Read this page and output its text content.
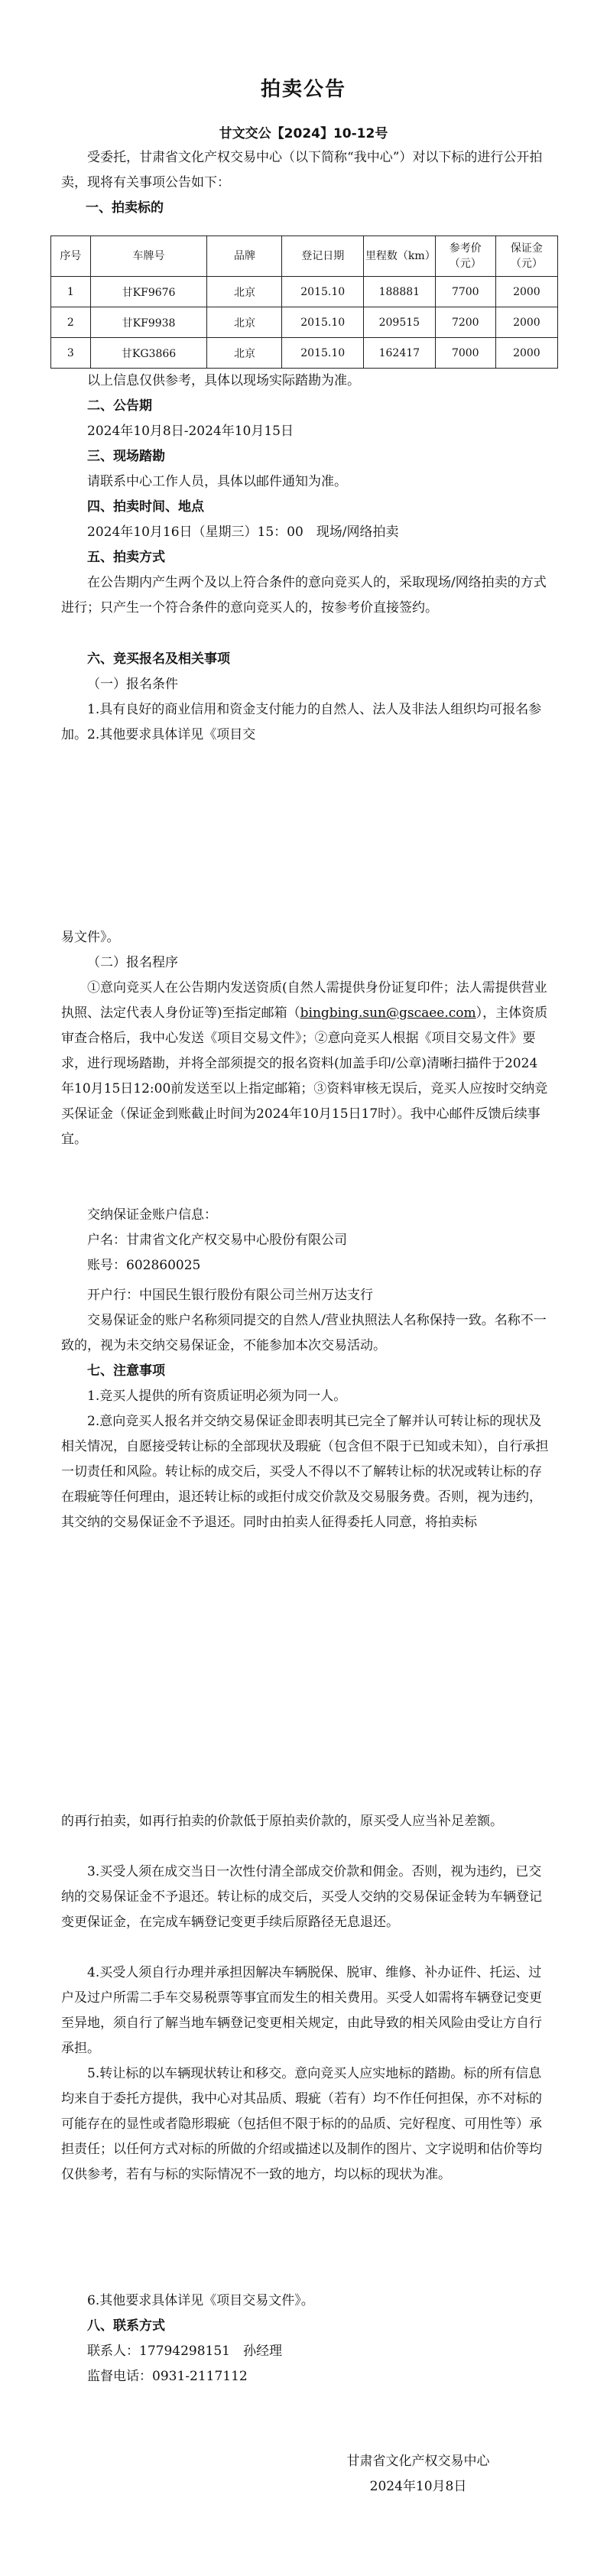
拍卖公告
甘文交公【2024】10-12号
受委托，甘肃省文化产权交易中心（以下简称“我中心”）对以下标的进行公开拍卖，现将有关事项公告如下：
一、拍卖标的
序号	车牌号	品牌	登记日期	里程数（km）	参考价（元）	保证金（元）
1	甘KF9676	北京	2015.10	188881	7700	2000
2	甘KF9938	北京	2015.10	209515	7200	2000
3	甘KG3866	北京	2015.10	162417	7000	2000
以上信息仅供参考，具体以现场实际踏勘为准。
二、公告期
2024年10月8日-2024年10月15日
三、现场踏勘
请联系中心工作人员，具体以邮件通知为准。
四、拍卖时间、地点
2024年10月16日（星期三）15：00　现场/网络拍卖
五、拍卖方式
在公告期内产生两个及以上符合条件的意向竞买人的，采取现场/网络拍卖的方式进行；只产生一个符合条件的意向竞买人的，按参考价直接签约。
六、竞买报名及相关事项
（一）报名条件
1.具有良好的商业信用和资金支付能力的自然人、法人及非法人组织均可报名参加。2.其他要求具体详见《项目交
易文件》。
（二）报名程序
①意向竞买人在公告期内发送资质(自然人需提供身份证复印件；法人需提供营业执照、法定代表人身份证等)至指定邮箱（bingbing.sun@gscaee.com），主体资质审查合格后，我中心发送《项目交易文件》；②意向竞买人根据《项目交易文件》要求，进行现场踏勘，并将全部须提交的报名资料(加盖手印/公章)清晰扫描件于2024年10月15日12:00前发送至以上指定邮箱；③资料审核无误后，竞买人应按时交纳竞买保证金（保证金到账截止时间为2024年10月15日17时）。我中心邮件反馈后续事宜。
交纳保证金账户信息：
户名：甘肃省文化产权交易中心股份有限公司
账号：602860025
开户行：中国民生银行股份有限公司兰州万达支行
交易保证金的账户名称须同提交的自然人/营业执照法人名称保持一致。名称不一致的，视为未交纳交易保证金，不能参加本次交易活动。
七、注意事项
1.竞买人提供的所有资质证明必须为同一人。
2.意向竞买人报名并交纳交易保证金即表明其已完全了解并认可转让标的现状及相关情况，自愿接受转让标的全部现状及瑕疵（包含但不限于已知或未知），自行承担一切责任和风险。转让标的成交后，买受人不得以不了解转让标的状况或转让标的存在瑕疵等任何理由，退还转让标的或拒付成交价款及交易服务费。否则，视为违约，其交纳的交易保证金不予退还。同时由拍卖人征得委托人同意，将拍卖标
的再行拍卖，如再行拍卖的价款低于原拍卖价款的，原买受人应当补足差额。
3.买受人须在成交当日一次性付清全部成交价款和佣金。否则，视为违约，已交纳的交易保证金不予退还。转让标的成交后，买受人交纳的交易保证金转为车辆登记变更保证金，在完成车辆登记变更手续后原路径无息退还。
4.买受人须自行办理并承担因解决车辆脱保、脱审、维修、补办证件、托运、过户及过户所需二手车交易税票等事宜而发生的相关费用。买受人如需将车辆登记变更至异地，须自行了解当地车辆登记变更相关规定，由此导致的相关风险由受让方自行承担。
5.转让标的以车辆现状转让和移交。意向竞买人应实地标的踏勘。标的所有信息均来自于委托方提供，我中心对其品质、瑕疵（若有）均不作任何担保，亦不对标的可能存在的显性或者隐形瑕疵（包括但不限于标的的品质、完好程度、可用性等）承担责任；以任何方式对标的所做的介绍或描述以及制作的图片、文字说明和估价等均仅供参考，若有与标的实际情况不一致的地方，均以标的现状为准。
6.其他要求具体详见《项目交易文件》。
八、联系方式
联系人：17794298151　孙经理
监督电话：0931-2117112
甘肃省文化产权交易中心
2024年10月8日
